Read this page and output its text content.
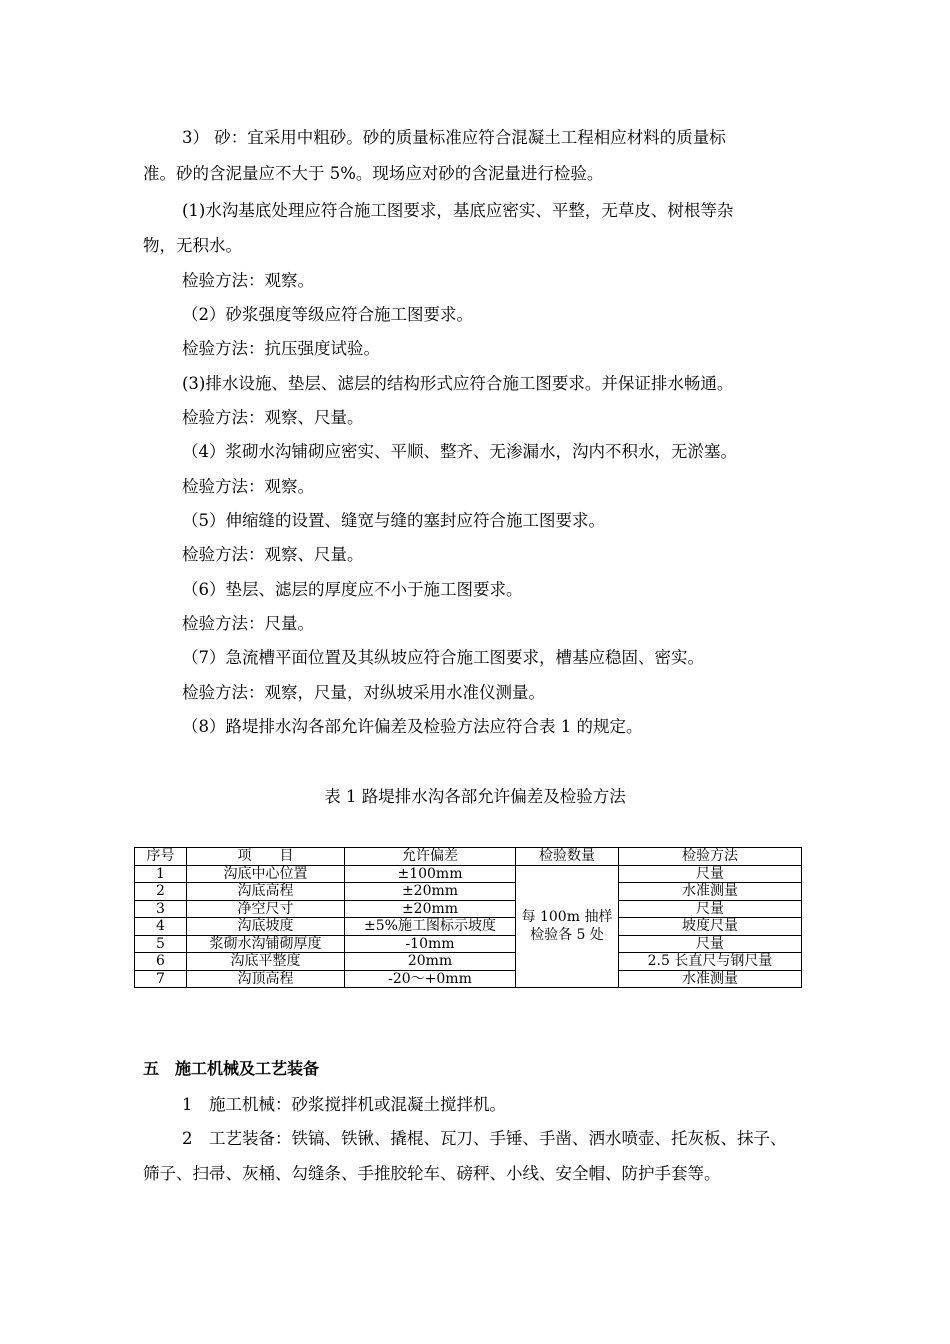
3） 砂：宜采用中粗砂。砂的质量标准应符合混凝土工程相应材料的质量标
准。砂的含泥量应不大于 5%。现场应对砂的含泥量进行检验。
(1)水沟基底处理应符合施工图要求，基底应密实、平整，无草皮、树根等杂
物，无积水。
检验方法：观察。
（2）砂浆强度等级应符合施工图要求。
检验方法：抗压强度试验。
(3)排水设施、垫层、滤层的结构形式应符合施工图要求。并保证排水畅通。
检验方法：观察、尺量。
（4）浆砌水沟铺砌应密实、平顺、整齐、无渗漏水，沟内不积水，无淤塞。
检验方法：观察。
（5）伸缩缝的设置、缝宽与缝的塞封应符合施工图要求。
检验方法：观察、尺量。
（6）垫层、滤层的厚度应不小于施工图要求。
检验方法：尺量。
（7）急流槽平面位置及其纵坡应符合施工图要求，槽基应稳固、密实。
检验方法：观察，尺量，对纵坡采用水准仪测量。
（8）路堤排水沟各部允许偏差及检验方法应符合表 1 的规定。
表 1 路堤排水沟各部允许偏差及检验方法
序号	项　　目	允许偏差	检验数量	检验方法
1	沟底中心位置	±100mm	每 100m 抽样检验各 5 处	尺量
2	沟底高程	±20mm		水准测量
3	净空尺寸	±20mm		尺量
4	沟底坡度	±5%施工图标示坡度		坡度尺量
5	浆砌水沟铺砌厚度	-10mm		尺量
6	沟底平整度	20mm		2.5 长直尺与钢尺量
7	沟顶高程	-20～+0mm		水准测量
五　施工机械及工艺装备
1　施工机械：砂浆搅拌机或混凝土搅拌机。
2　工艺装备：铁镐、铁锹、撬棍、瓦刀、手锤、手凿、洒水喷壶、托灰板、抹子、
筛子、扫帚、灰桶、勾缝条、手推胶轮车、磅秤、小线、安全帽、防护手套等。
